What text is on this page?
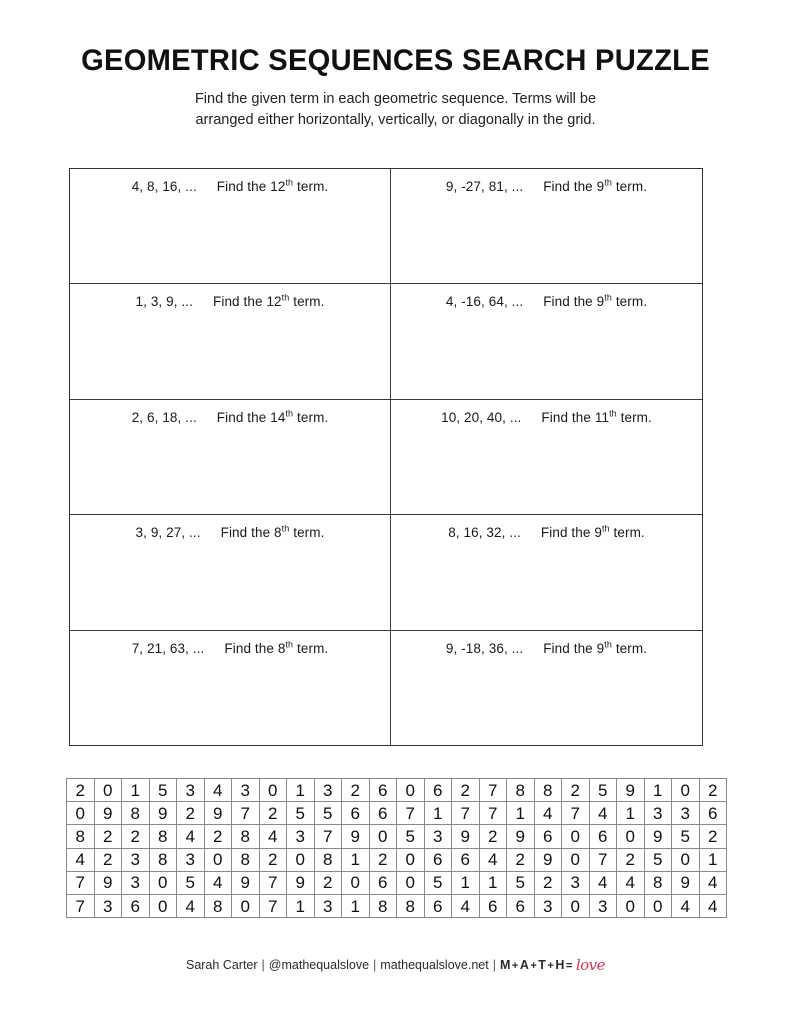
GEOMETRIC SEQUENCES SEARCH PUZZLE
Find the given term in each geometric sequence. Terms will be
arranged either horizontally, vertically, or diagonally in the grid.
4, 8, 16, ... Find the 12th term.	9, -27, 81, ... Find the 9th term.
1, 3, 9, ... Find the 12th term.	4, -16, 64, ... Find the 9th term.
2, 6, 18, ... Find the 14th term.	10, 20, 40, ... Find the 11th term.
3, 9, 27, ... Find the 8th term.	8, 16, 32, ... Find the 9th term.
7, 21, 63, ... Find the 8th term.	9, -18, 36, ... Find the 9th term.
2	0	1	5	3	4	3	0	1	3	2	6	0	6	2	7	8	8	2	5	9	1	0	2
0	9	8	9	2	9	7	2	5	5	6	6	7	1	7	7	1	4	7	4	1	3	3	6
8	2	2	8	4	2	8	4	3	7	9	0	5	3	9	2	9	6	0	6	0	9	5	2
4	2	3	8	3	0	8	2	0	8	1	2	0	6	6	4	2	9	0	7	2	5	0	1
7	9	3	0	5	4	9	7	9	2	0	6	0	5	1	1	5	2	3	4	4	8	9	4
7	3	6	0	4	8	0	7	1	3	1	8	8	6	4	6	6	3	0	3	0	0	4	4
Sarah Carter | @mathequalslove | mathequalslove.net | M+A+T+H= love
